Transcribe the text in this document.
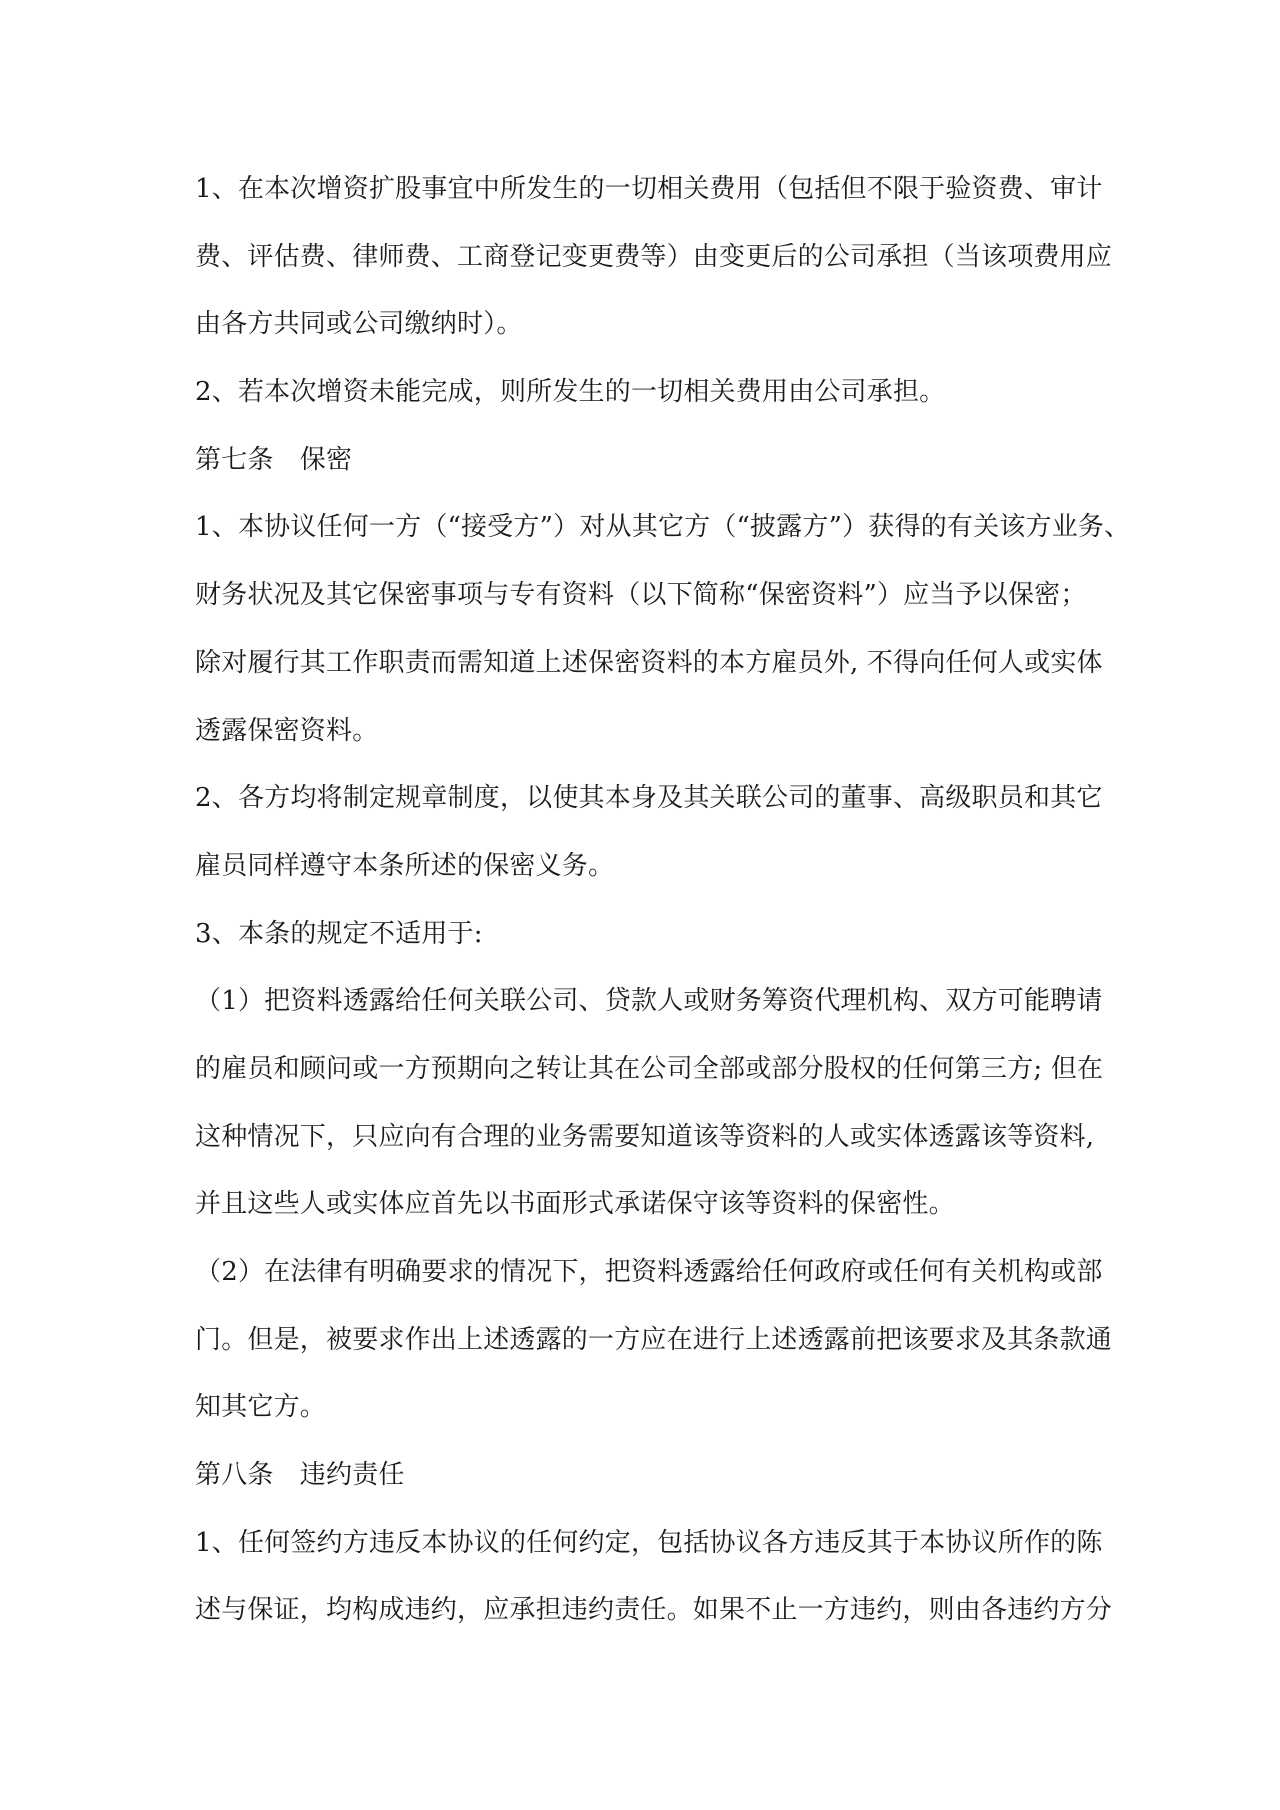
1、在本次增资扩股事宜中所发生的一切相关费用（包括但不限于验资费、审计
费、评估费、律师费、工商登记变更费等）由变更后的公司承担（当该项费用应
由各方共同或公司缴纳时）。
2、若本次增资未能完成，则所发生的一切相关费用由公司承担。
第七条　保密
1、本协议任何一方（“接受方”）对从其它方（“披露方”）获得的有关该方业务、
财务状况及其它保密事项与专有资料（以下简称“保密资料”）应当予以保密；
除对履行其工作职责而需知道上述保密资料的本方雇员外, 不得向任何人或实体
透露保密资料。
2、各方均将制定规章制度，以使其本身及其关联公司的董事、高级职员和其它
雇员同样遵守本条所述的保密义务。
3、本条的规定不适用于:
（1）把资料透露给任何关联公司、贷款人或财务筹资代理机构、双方可能聘请
的雇员和顾问或一方预期向之转让其在公司全部或部分股权的任何第三方; 但在
这种情况下，只应向有合理的业务需要知道该等资料的人或实体透露该等资料,
并且这些人或实体应首先以书面形式承诺保守该等资料的保密性。
（2）在法律有明确要求的情况下，把资料透露给任何政府或任何有关机构或部
门。但是，被要求作出上述透露的一方应在进行上述透露前把该要求及其条款通
知其它方。
第八条　违约责任
1、任何签约方违反本协议的任何约定，包括协议各方违反其于本协议所作的陈
述与保证，均构成违约，应承担违约责任。如果不止一方违约，则由各违约方分
